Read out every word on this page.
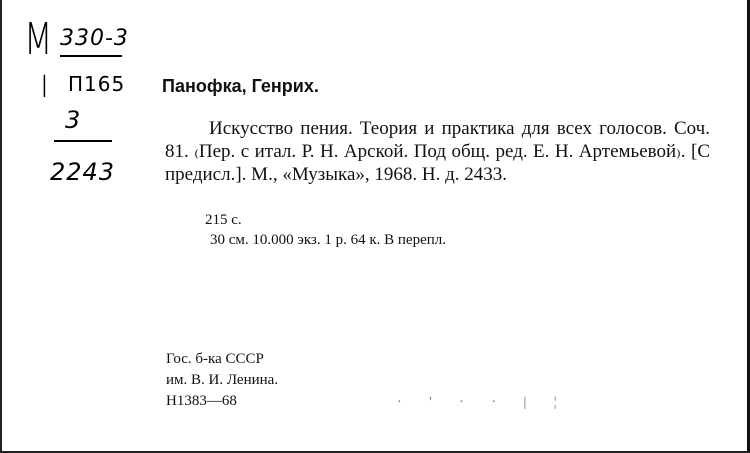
М 330-3
I П165
3
2243
Панофка, Генрих.
Искусство пения. Теория и практика для всех голосов. Соч. 81. ₍Пер. с итал. Р. Н. Арской. Под общ. ред. Е. Н. Артемьевой₎. [С предисл.]. М., «Музыка», 1968. Н. д. 2433.
215 с.
30 см. 10.000 экз. 1 р. 64 к. В перепл.
Гос. б-ка СССР
им. В. И. Ленина.
Н1383—68	· ' · · | ¦
